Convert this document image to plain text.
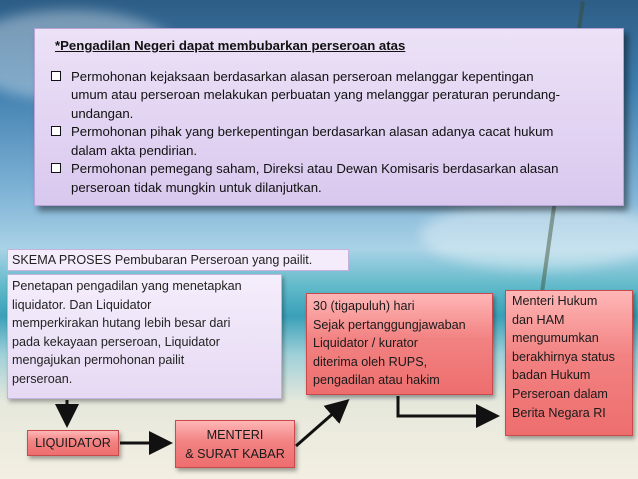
*Pengadilan Negeri dapat membubarkan perseroan atas
Permohonan kejaksaan berdasarkan alasan perseroan melanggar kepentingan
umum atau perseroan melakukan perbuatan yang melanggar peraturan perundang-
undangan.
Permohonan pihak yang berkepentingan berdasarkan alasan adanya cacat hukum
dalam akta pendirian.
Permohonan pemegang saham, Direksi atau Dewan Komisaris berdasarkan alasan
perseroan tidak mungkin untuk dilanjutkan.
SKEMA PROSES Pembubaran Perseroan yang pailit.
Penetapan pengadilan yang menetapkan
liquidator. Dan Liquidator
memperkirakan hutang lebih besar dari
pada kekayaan perseroan, Liquidator
mengajukan permohonan pailit
perseroan.
30 (tigapuluh) hari
Sejak pertanggungjawaban
Liquidator / kurator
diterima oleh RUPS,
pengadilan atau hakim
Menteri Hukum
dan HAM
mengumumkan
berakhirnya status
badan Hukum
Perseroan dalam
Berita Negara RI
LIQUIDATOR
MENTERI
& SURAT KABAR
